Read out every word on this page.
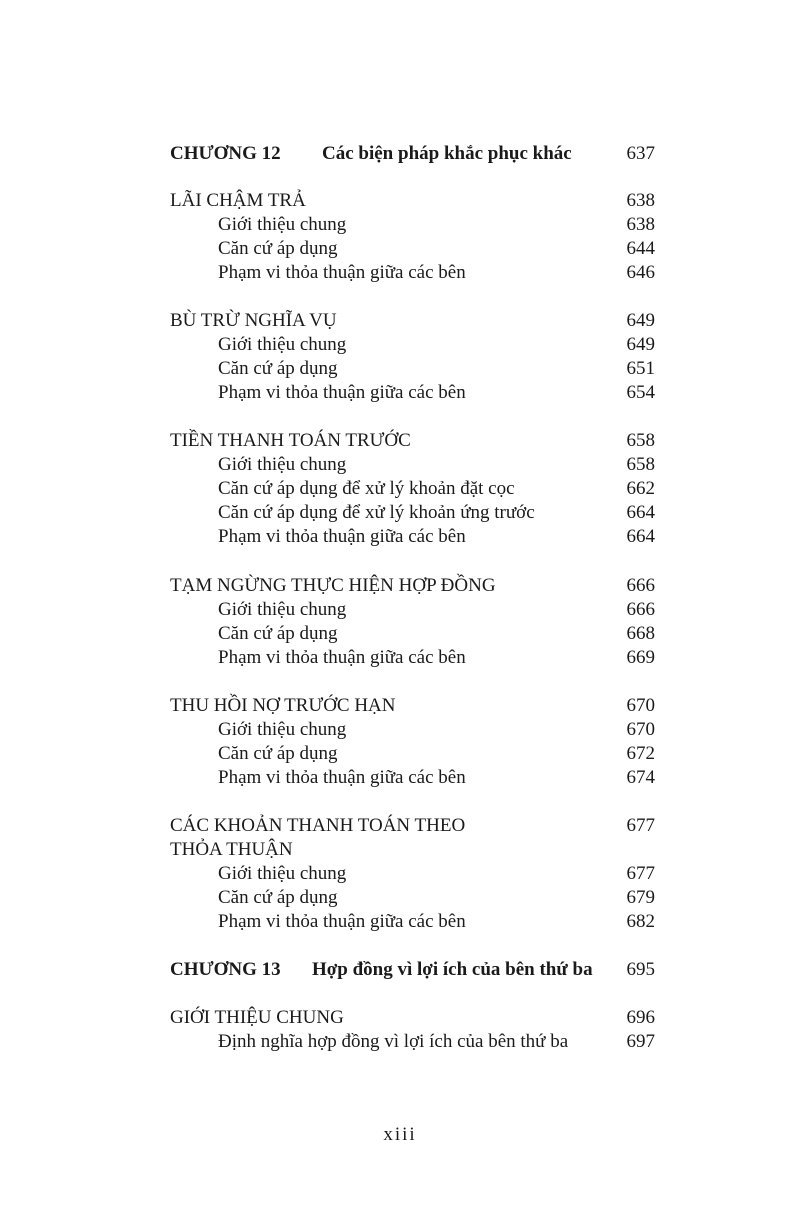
CHƯƠNG 12 Các biện pháp khắc phục khác	637
LÃI CHẬM TRẢ	638
Giới thiệu chung	638
Căn cứ áp dụng	644
Phạm vi thỏa thuận giữa các bên	646
BÙ TRỪ NGHĨA VỤ	649
Giới thiệu chung	649
Căn cứ áp dụng	651
Phạm vi thỏa thuận giữa các bên	654
TIỀN THANH TOÁN TRƯỚC	658
Giới thiệu chung	658
Căn cứ áp dụng để xử lý khoản đặt cọc	662
Căn cứ áp dụng để xử lý khoản ứng trước	664
Phạm vi thỏa thuận giữa các bên	664
TẠM NGỪNG THỰC HIỆN HỢP ĐỒNG	666
Giới thiệu chung	666
Căn cứ áp dụng	668
Phạm vi thỏa thuận giữa các bên	669
THU HỒI NỢ TRƯỚC HẠN	670
Giới thiệu chung	670
Căn cứ áp dụng	672
Phạm vi thỏa thuận giữa các bên	674
CÁC KHOẢN THANH TOÁN THEO	677
THỎA THUẬN
Giới thiệu chung	677
Căn cứ áp dụng	679
Phạm vi thỏa thuận giữa các bên	682
CHƯƠNG 13 Hợp đồng vì lợi ích của bên thứ ba 695
GIỚI THIỆU CHUNG	696
Định nghĩa hợp đồng vì lợi ích của bên thứ ba	697
xiii
